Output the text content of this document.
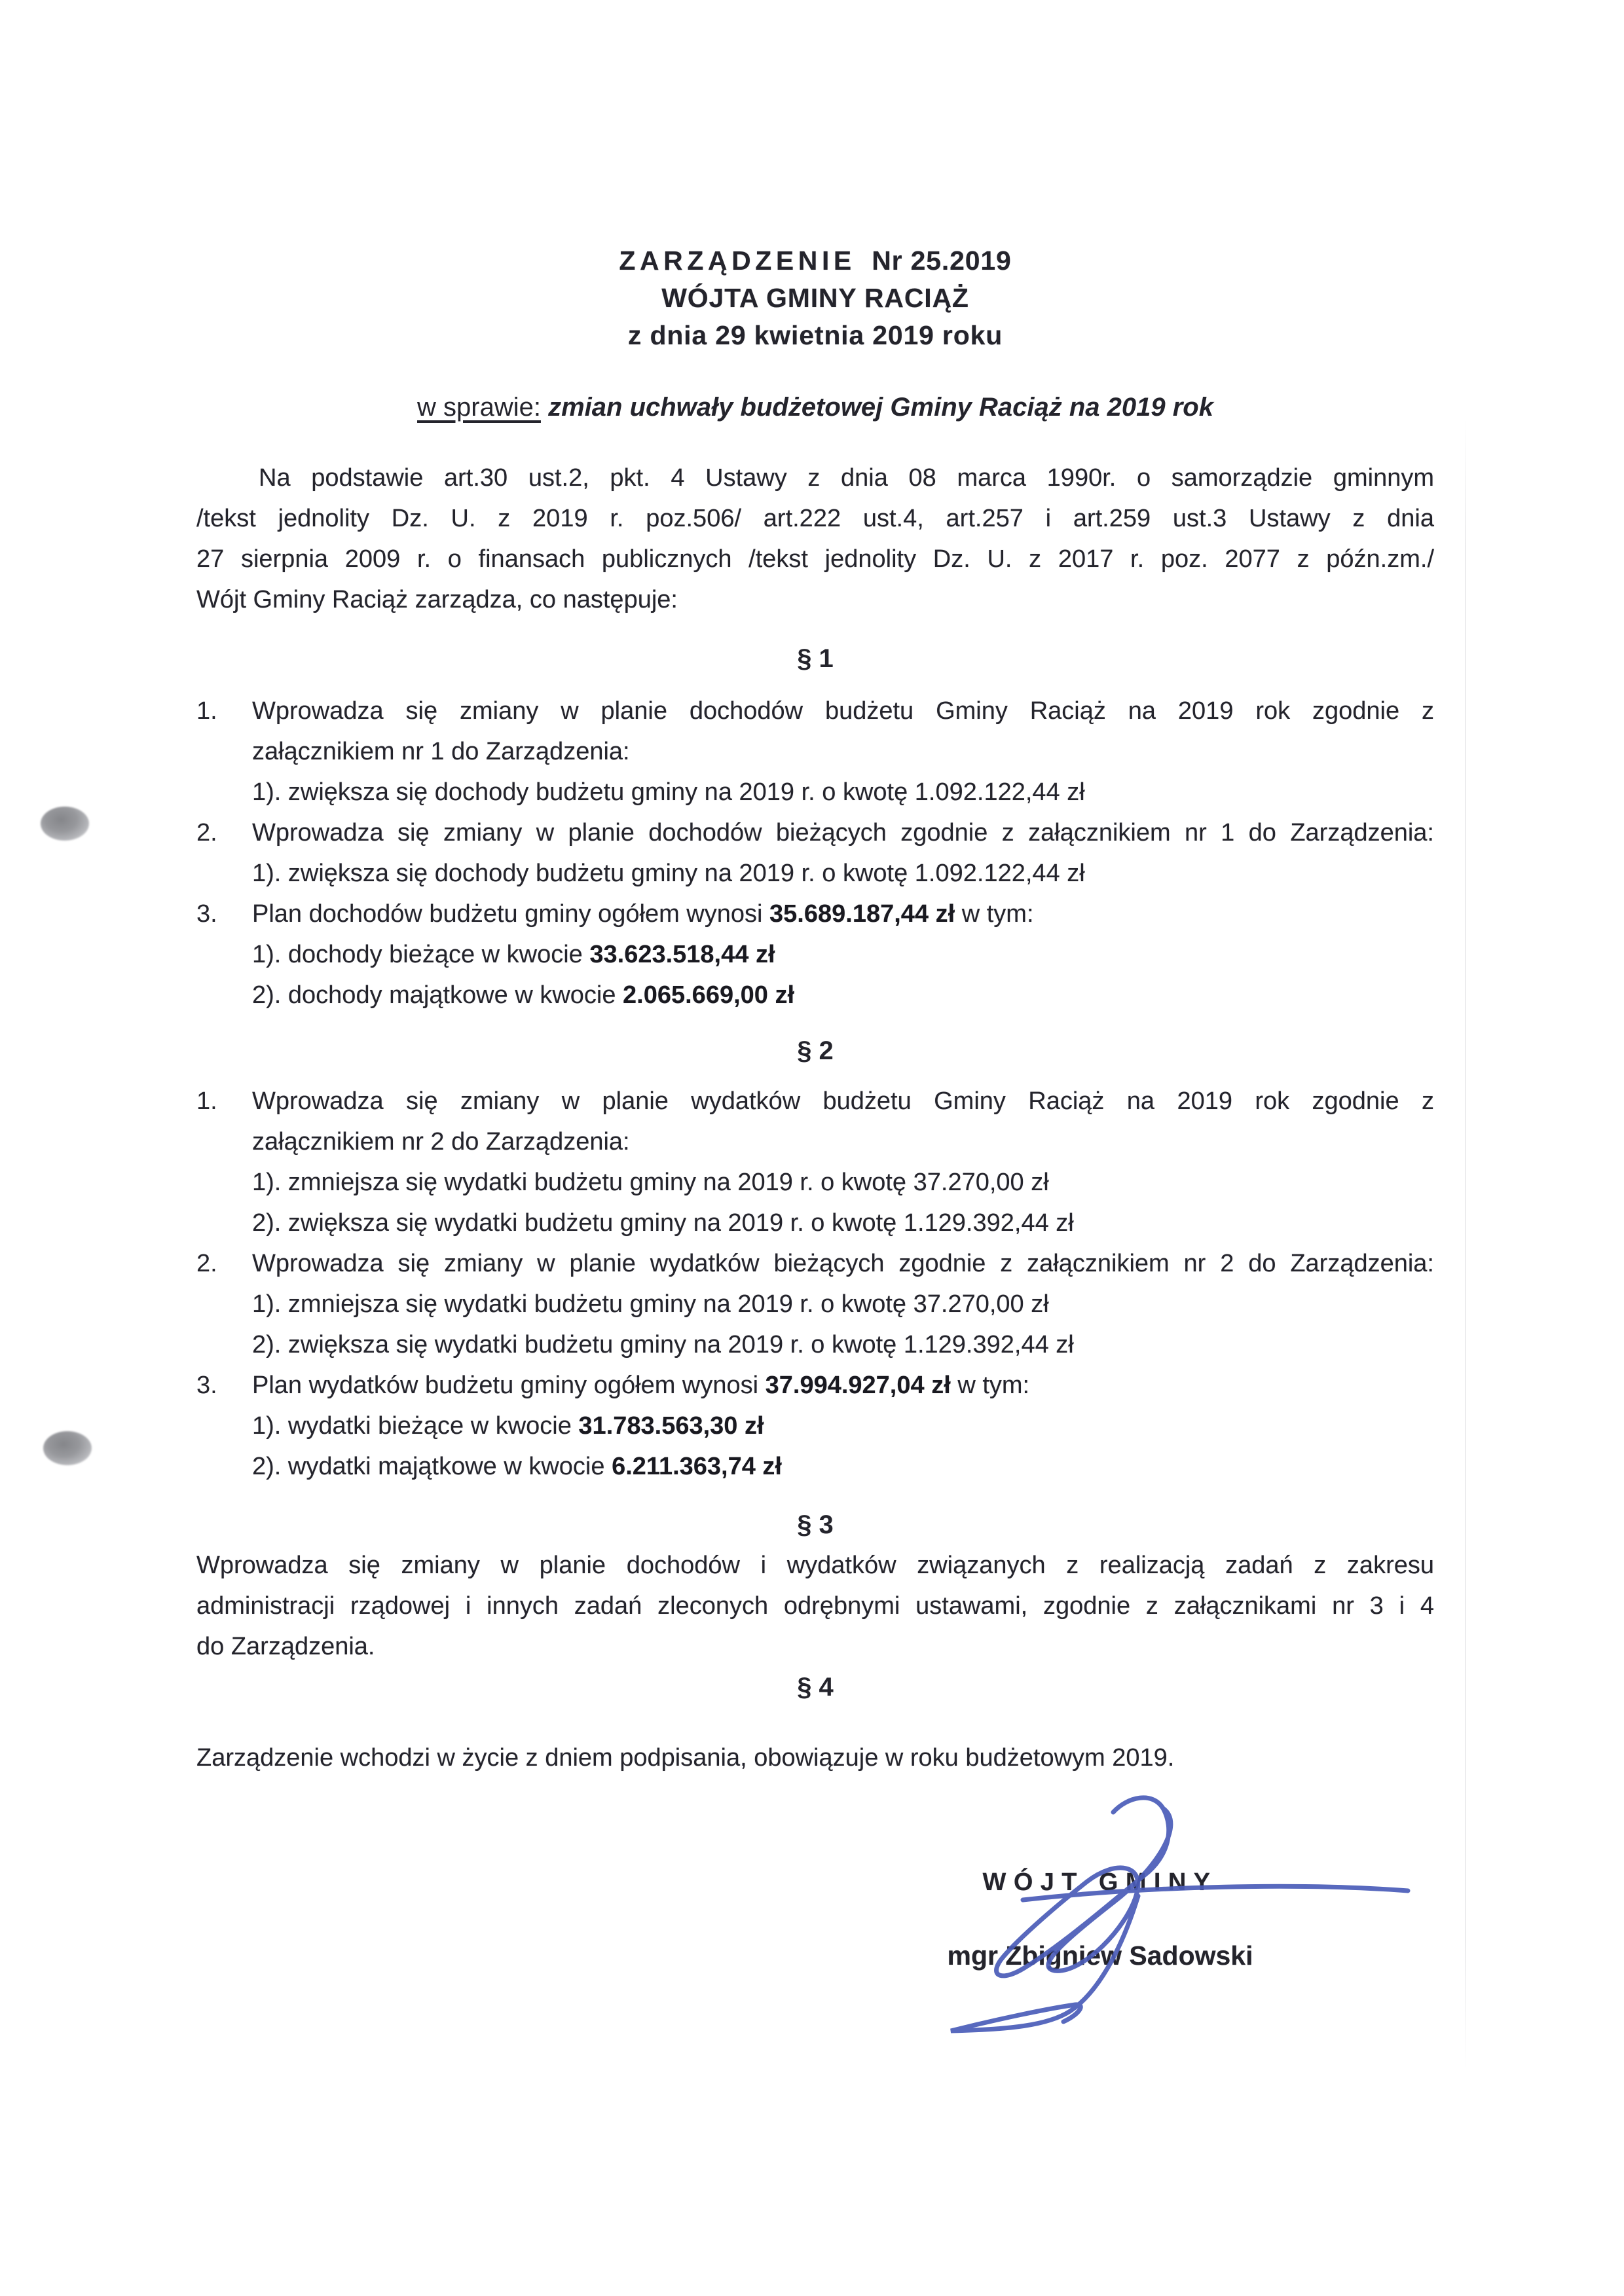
ZARZĄDZENIE Nr 25.2019
WÓJTA GMINY RACIĄŻ
z dnia 29 kwietnia 2019 roku
w sprawie: zmian uchwały budżetowej Gminy Raciąż na 2019 rok
Na podstawie art.30 ust.2, pkt. 4 Ustawy z dnia 08 marca 1990r. o samorządzie gminnym
/tekst jednolity Dz. U. z 2019 r. poz.506/ art.222 ust.4, art.257 i art.259 ust.3 Ustawy z dnia
27 sierpnia 2009 r. o finansach publicznych /tekst jednolity Dz. U. z 2017 r. poz. 2077 z późn.zm./
Wójt Gminy Raciąż zarządza, co następuje:
§ 1
1. Wprowadza się zmiany w planie dochodów budżetu Gminy Raciąż na 2019 rok zgodnie z
załącznikiem nr 1 do Zarządzenia:
1). zwiększa się dochody budżetu gminy na 2019 r. o kwotę 1.092.122,44 zł
2. Wprowadza się zmiany w planie dochodów bieżących zgodnie z załącznikiem nr 1 do Zarządzenia:
1). zwiększa się dochody budżetu gminy na 2019 r. o kwotę 1.092.122,44 zł
3. Plan dochodów budżetu gminy ogółem wynosi 35.689.187,44 zł w tym:
1). dochody bieżące w kwocie 33.623.518,44 zł
2). dochody majątkowe w kwocie 2.065.669,00 zł
§ 2
1. Wprowadza się zmiany w planie wydatków budżetu Gminy Raciąż na 2019 rok zgodnie z
załącznikiem nr 2 do Zarządzenia:
1). zmniejsza się wydatki budżetu gminy na 2019 r. o kwotę 37.270,00 zł
2). zwiększa się wydatki budżetu gminy na 2019 r. o kwotę 1.129.392,44 zł
2. Wprowadza się zmiany w planie wydatków bieżących zgodnie z załącznikiem nr 2 do Zarządzenia:
1). zmniejsza się wydatki budżetu gminy na 2019 r. o kwotę 37.270,00 zł
2). zwiększa się wydatki budżetu gminy na 2019 r. o kwotę 1.129.392,44 zł
3. Plan wydatków budżetu gminy ogółem wynosi 37.994.927,04 zł w tym:
1). wydatki bieżące w kwocie 31.783.563,30 zł
2). wydatki majątkowe w kwocie 6.211.363,74 zł
§ 3
Wprowadza się zmiany w planie dochodów i wydatków związanych z realizacją zadań z zakresu
administracji rządowej i innych zadań zleconych odrębnymi ustawami, zgodnie z załącznikami nr 3 i 4
do Zarządzenia.
§ 4
Zarządzenie wchodzi w życie z dniem podpisania, obowiązuje w roku budżetowym 2019.
WÓJT GMINY
mgr Zbigniew Sadowski
